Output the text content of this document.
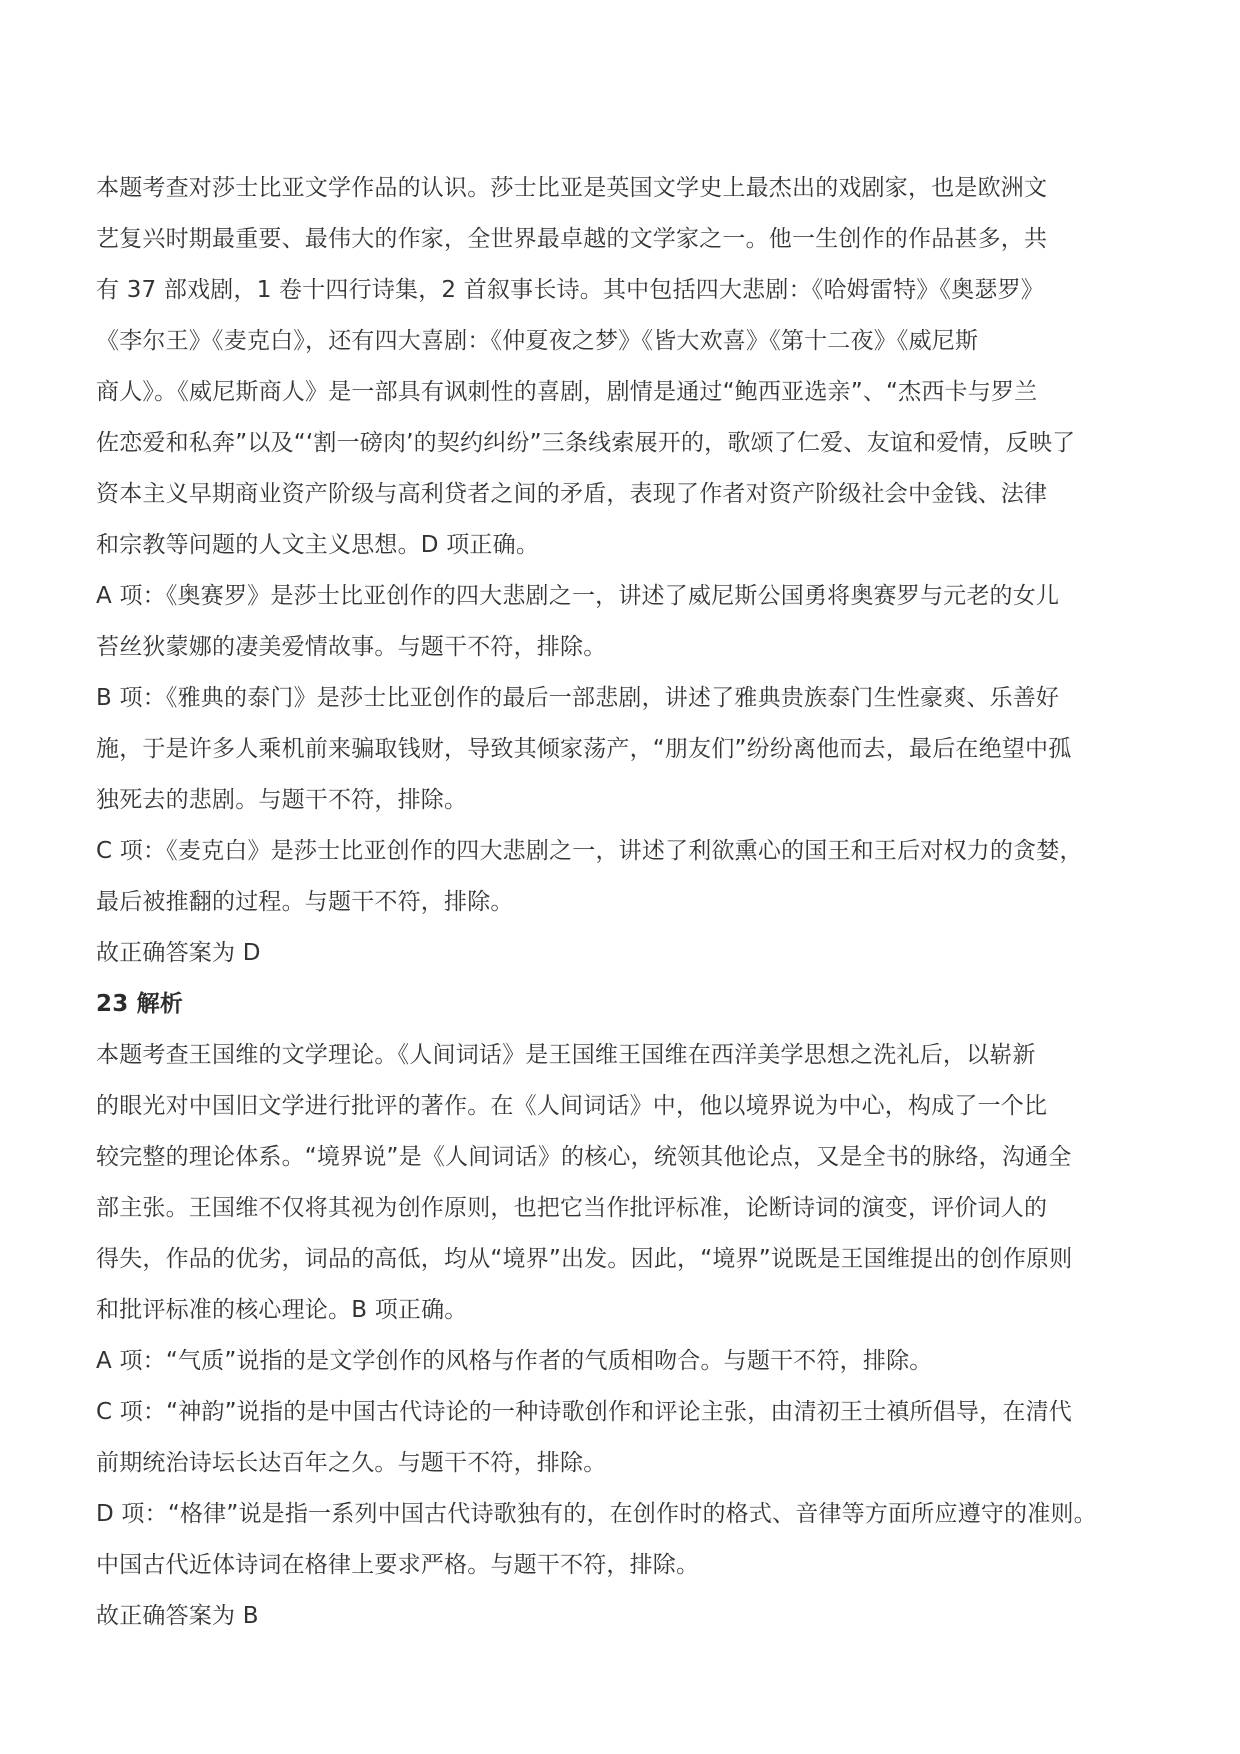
本题考查对莎士比亚文学作品的认识。莎士比亚是英国文学史上最杰出的戏剧家，也是欧洲文
艺复兴时期最重要、最伟大的作家，全世界最卓越的文学家之一。他一生创作的作品甚多，共
有 37 部戏剧，1 卷十四行诗集，2 首叙事长诗。其中包括四大悲剧：《哈姆雷特》《奥瑟罗》
《李尔王》《麦克白》，还有四大喜剧：《仲夏夜之梦》《皆大欢喜》《第十二夜》《威尼斯
商人》。《威尼斯商人》是一部具有讽刺性的喜剧，剧情是通过“鲍西亚选亲”、“杰西卡与罗兰
佐恋爱和私奔”以及“‘割一磅肉’的契约纠纷”三条线索展开的，歌颂了仁爱、友谊和爱情，反映了
资本主义早期商业资产阶级与高利贷者之间的矛盾，表现了作者对资产阶级社会中金钱、法律
和宗教等问题的人文主义思想。D 项正确。
A 项：《奥赛罗》是莎士比亚创作的四大悲剧之一，讲述了威尼斯公国勇将奥赛罗与元老的女儿
苔丝狄蒙娜的凄美爱情故事。与题干不符，排除。
B 项：《雅典的泰门》是莎士比亚创作的最后一部悲剧，讲述了雅典贵族泰门生性豪爽、乐善好
施，于是许多人乘机前来骗取钱财，导致其倾家荡产，“朋友们”纷纷离他而去，最后在绝望中孤
独死去的悲剧。与题干不符，排除。
C 项：《麦克白》是莎士比亚创作的四大悲剧之一，讲述了利欲熏心的国王和王后对权力的贪婪，
最后被推翻的过程。与题干不符，排除。
故正确答案为 D
23 解析
本题考查王国维的文学理论。《人间词话》是王国维王国维在西洋美学思想之洗礼后，以崭新
的眼光对中国旧文学进行批评的著作。在《人间词话》中，他以境界说为中心，构成了一个比
较完整的理论体系。“境界说”是《人间词话》的核心，统领其他论点，又是全书的脉络，沟通全
部主张。王国维不仅将其视为创作原则，也把它当作批评标准，论断诗词的演变，评价词人的
得失，作品的优劣，词品的高低，均从“境界”出发。因此，“境界”说既是王国维提出的创作原则
和批评标准的核心理论。B 项正确。
A 项：“气质”说指的是文学创作的风格与作者的气质相吻合。与题干不符，排除。
C 项：“神韵”说指的是中国古代诗论的一种诗歌创作和评论主张，由清初王士禛所倡导，在清代
前期统治诗坛长达百年之久。与题干不符，排除。
D 项：“格律”说是指一系列中国古代诗歌独有的，在创作时的格式、音律等方面所应遵守的准则。
中国古代近体诗词在格律上要求严格。与题干不符，排除。
故正确答案为 B
